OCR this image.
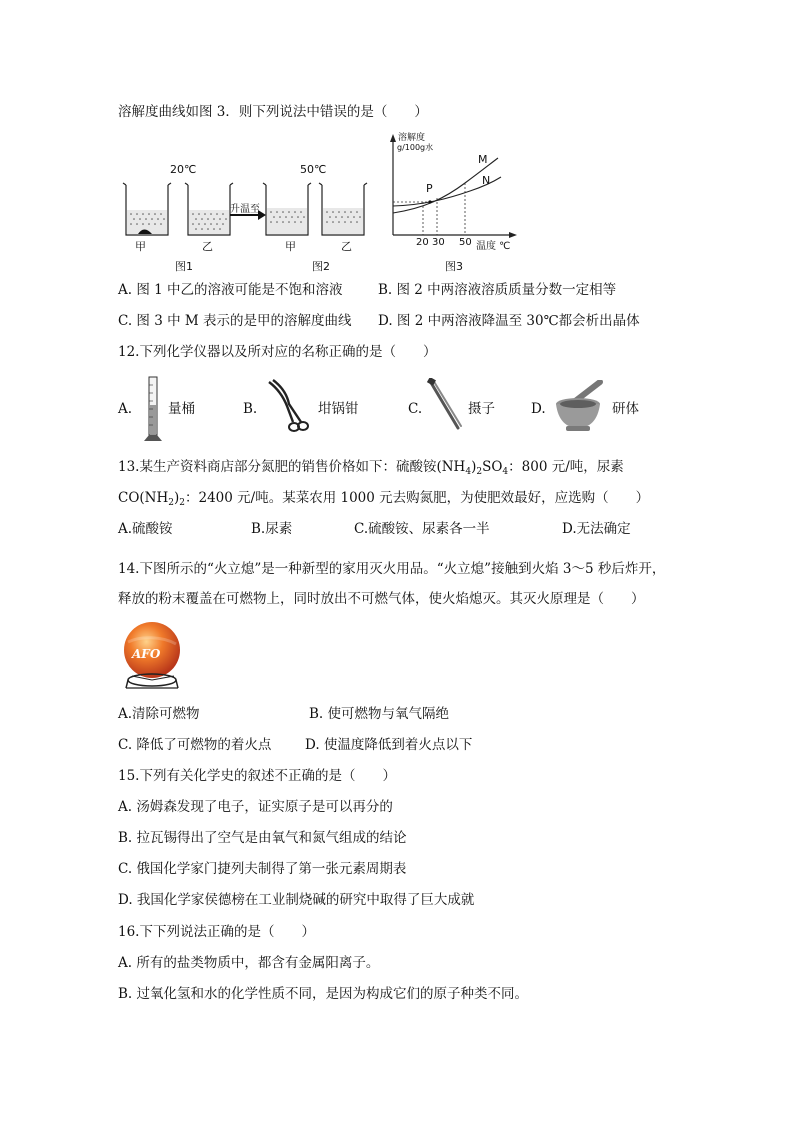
溶解度曲线如图 3．则下列说法中错误的是（　　）
20℃
甲	乙
升温至
图1
50℃
甲	乙
图2
溶解度
g/100g水
M
N
P
20 30 50 温度 ℃
图3
A. 图 1 中乙的溶液可能是不饱和溶液	B. 图 2 中两溶液溶质质量分数一定相等
C. 图 3 中 M 表示的是甲的溶解度曲线 D. 图 2 中两溶液降温至 30℃都会析出晶体
12.下列化学仪器以及所对应的名称正确的是（　　）
A.	量桶	B.	坩锅钳	C.	摄子	D.	研体
13.某生产资料商店部分氮肥的销售价格如下：硫酸铵$(NH_4)_2SO_4$：800 元/吨，尿素
$CO(NH_2)_2$：2400 元/吨。某菜农用 1000 元去购氮肥，为使肥效最好，应选购（　　）
A.硫酸铵	B.尿素	C.硫酸铵、尿素各一半	D.无法确定
14.下图所示的“火立熄”是一种新型的家用灭火用品。“火立熄”接触到火焰 3～5 秒后炸开，
释放的粉末覆盖在可燃物上，同时放出不可燃气体，使火焰熄灭。其灭火原理是（　　）
AFO
A.清除可燃物	B. 使可燃物与氧气隔绝
C. 降低了可燃物的着火点 D. 使温度降低到着火点以下
15.下列有关化学史的叙述不正确的是（　　）
A. 汤姆森发现了电子，证实原子是可以再分的
B. 拉瓦锡得出了空气是由氧气和氮气组成的结论
C. 俄国化学家门捷列夫制得了第一张元素周期表
D. 我国化学家侯德榜在工业制烧碱的研究中取得了巨大成就
16.下下列说法正确的是（　　）
A. 所有的盐类物质中，都含有金属阳离子。
B. 过氧化氢和水的化学性质不同，是因为构成它们的原子种类不同。
